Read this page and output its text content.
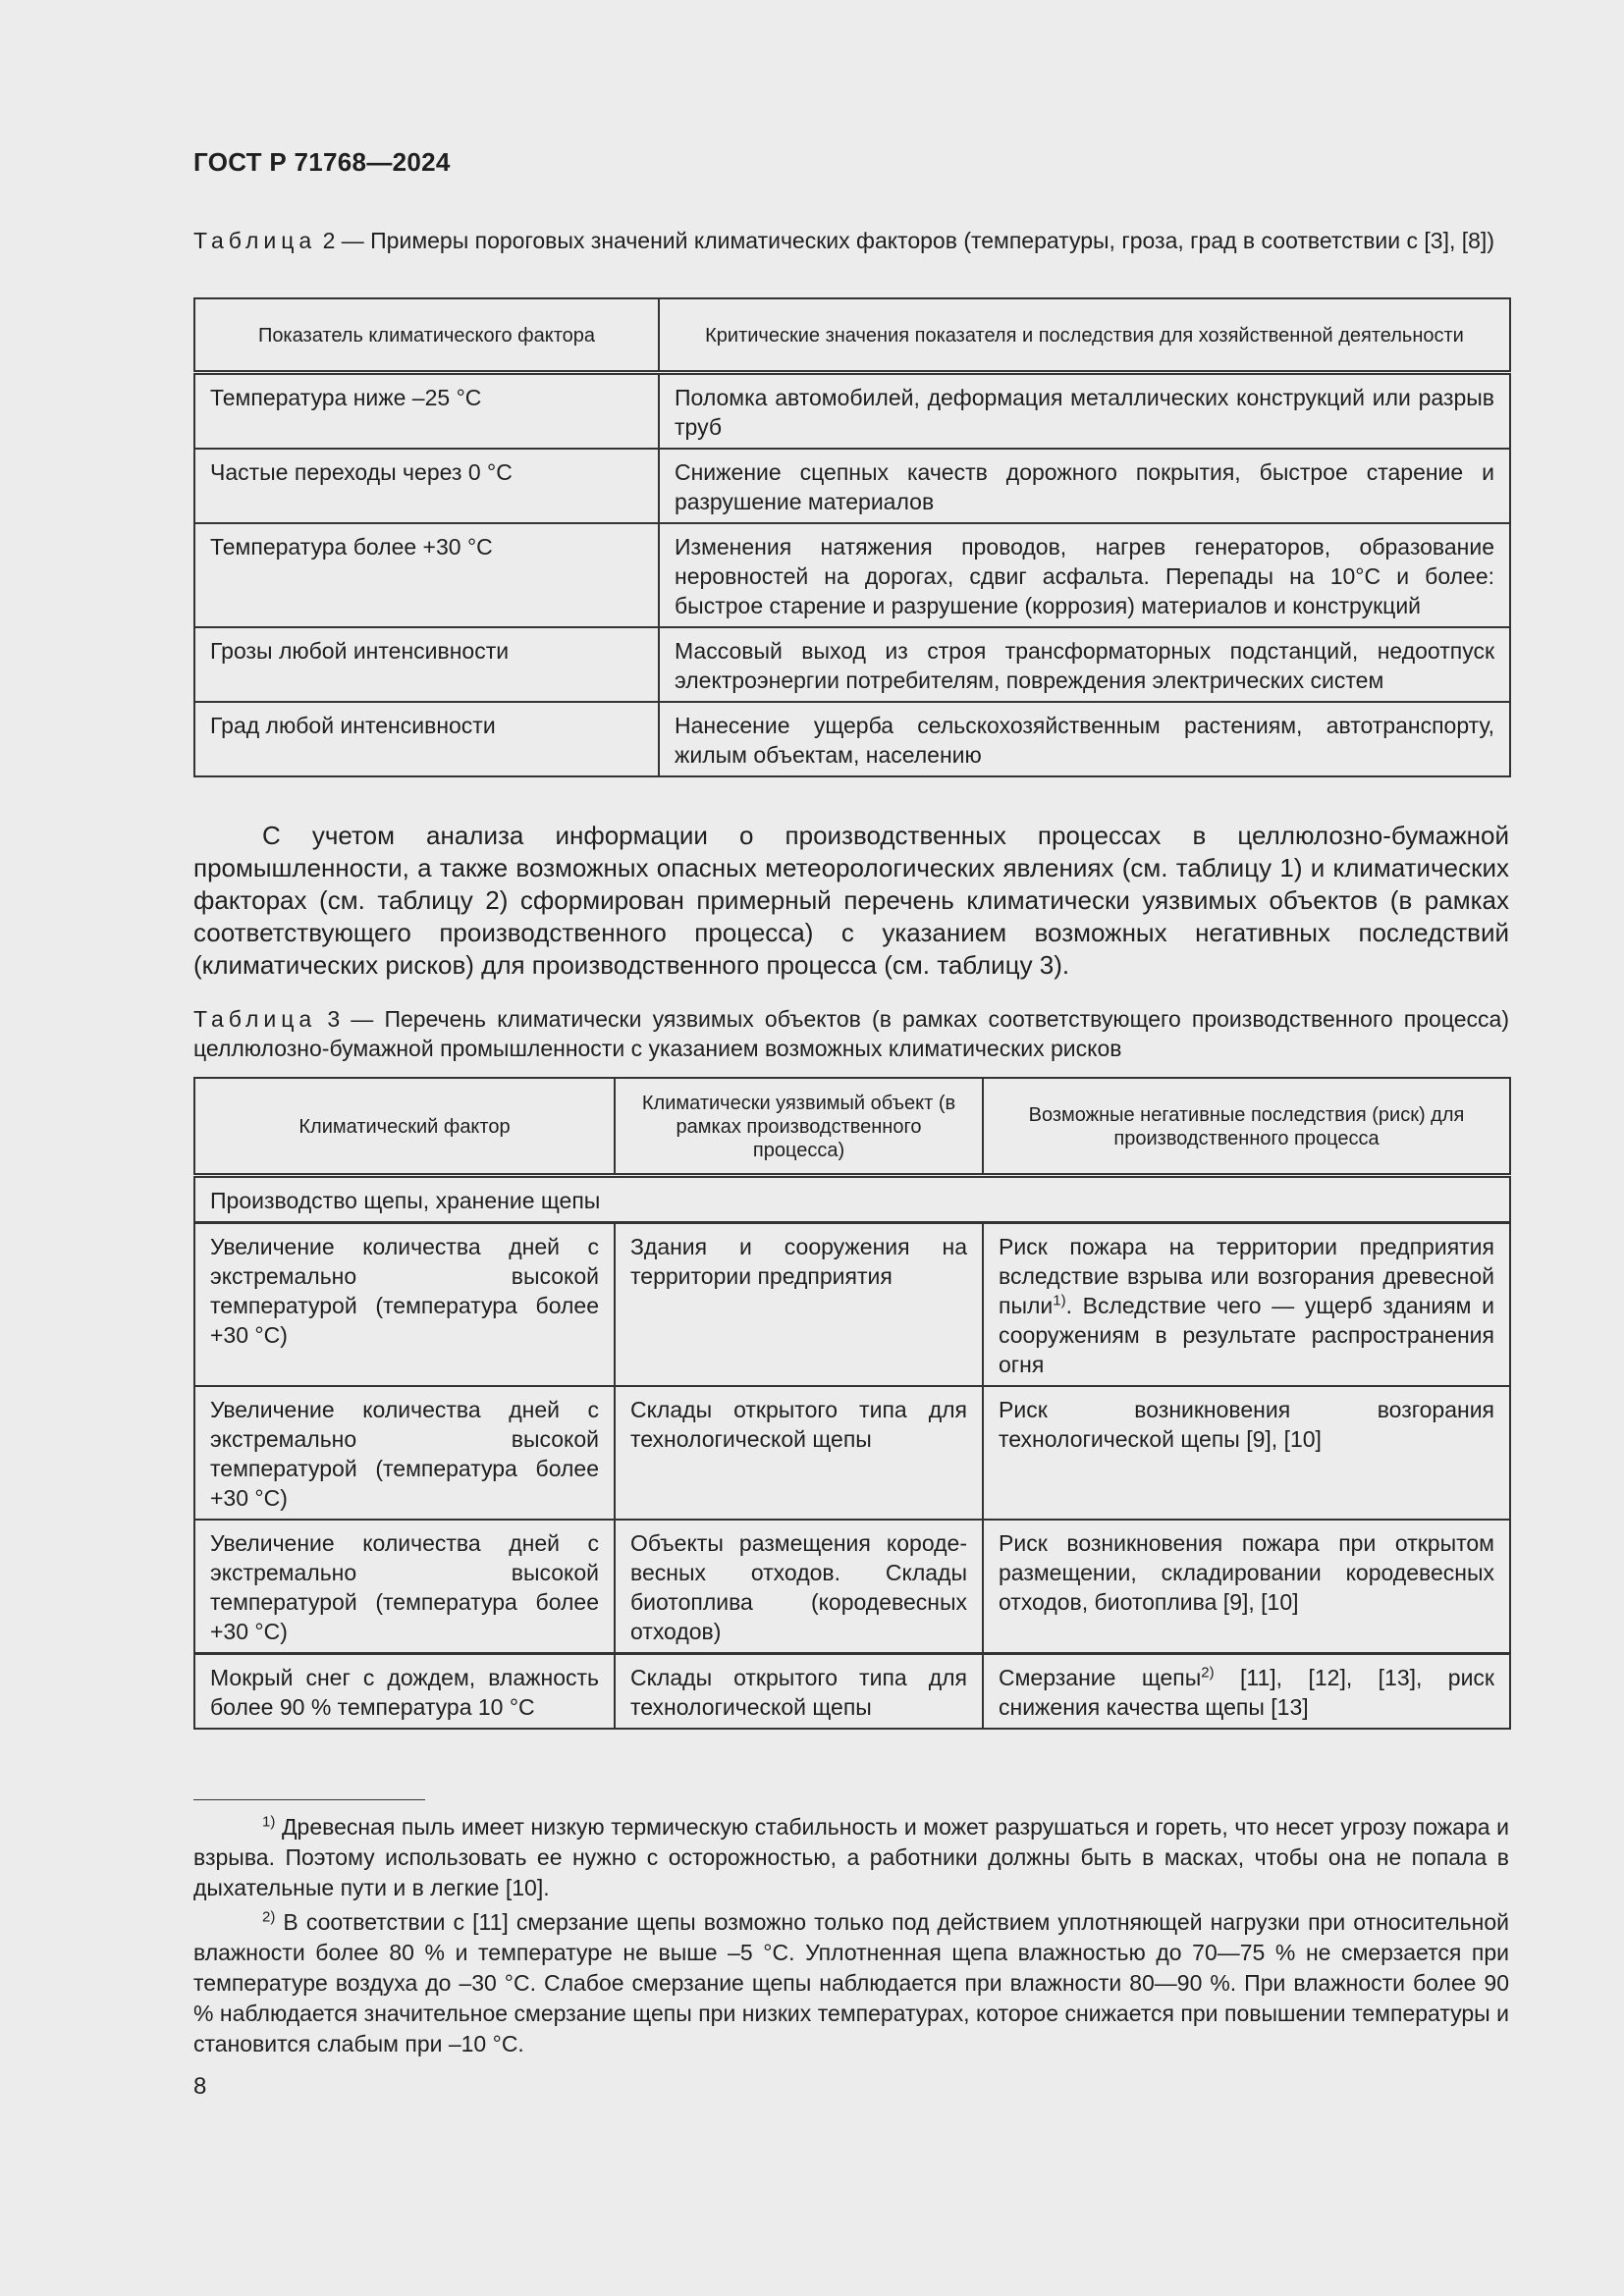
ГОСТ Р 71768—2024
Таблица 2 — Примеры пороговых значений климатических факторов (температуры, гроза, град в соответствии с [3], [8])
Показатель климатического фактора	Критические значения показателя и последствия для хозяйственной деятельности
Температура ниже –25 °C	Поломка автомобилей, деформация металлических конструкций или разрыв труб
Частые переходы через 0 °C	Снижение сцепных качеств дорожного покрытия, быстрое старение и разрушение материалов
Температура более +30 °C	Изменения натяжения проводов, нагрев генераторов, образование неровностей на дорогах, сдвиг асфальта. Перепады на 10°С и более: быстрое старение и разрушение (коррозия) материалов и конструкций
Грозы любой интенсивности	Массовый выход из строя трансформаторных подстанций, недоотпуск электроэнергии потребителям, повреждения электрических систем
Град любой интенсивности	Нанесение ущерба сельскохозяйственным растениям, автотранспорту, жилым объектам, населению
С учетом анализа информации о производственных процессах в целлюлозно-бумажной промышленности, а также возможных опасных метеорологических явлениях (см. таблицу 1) и климатических факторах (см. таблицу 2) сформирован примерный перечень климатически уязвимых объектов (в рамках соответствующего производственного процесса) с указанием возможных негативных последствий (климатических рисков) для производственного процесса (см. таблицу 3).
Таблица 3 — Перечень климатически уязвимых объектов (в рамках соответствующего производственного процесса) целлюлозно-бумажной промышленности с указанием возможных климатических рисков
Климатический фактор	Климатически уязвимый объект (в рамках производственного процесса)	Возможные негативные последствия (риск) для производственного процесса
Производство щепы, хранение щепы		
Увеличение количества дней с экстремально высокой температурой (температура более +30 °C)	Здания и сооружения на территории предприятия	Риск пожара на территории предприятия вследствие взрыва или возгорания древесной пыли$^{1)}$. Вследствие чего — ущерб зданиям и сооружениям в результате распространения огня
Увеличение количества дней с экстремально высокой температурой (температура более +30 °C)	Склады открытого типа для технологической щепы	Риск возникновения возгорания технологической щепы [9], [10]
Увеличение количества дней с экстремально высокой температурой (температура более +30 °C)	Объекты размещения кородевесных отходов. Склады биотоплива (кородевесных отходов)	Риск возникновения пожара при открытом размещении, складировании кородевесных отходов, биотоплива [9], [10]
Мокрый снег с дождем, влажность более 90 % температура 10 °C	Склады открытого типа для технологической щепы	Смерзание щепы$^{2)}$ [11], [12], [13], риск снижения качества щепы [13]
$^{1)}$ Древесная пыль имеет низкую термическую стабильность и может разрушаться и гореть, что несет угрозу пожара и взрыва. Поэтому использовать ее нужно с осторожностью, а работники должны быть в масках, чтобы она не попала в дыхательные пути и в легкие [10].
$^{2)}$ В соответствии с [11] смерзание щепы возможно только под действием уплотняющей нагрузки при относительной влажности более 80 % и температуре не выше –5 °С. Уплотненная щепа влажностью до 70—75 % не смерзается при температуре воздуха до –30 °С. Слабое смерзание щепы наблюдается при влажности 80—90 %. При влажности более 90 % наблюдается значительное смерзание щепы при низких температурах, которое снижается при повышении температуры и становится слабым при –10 °С.
8
